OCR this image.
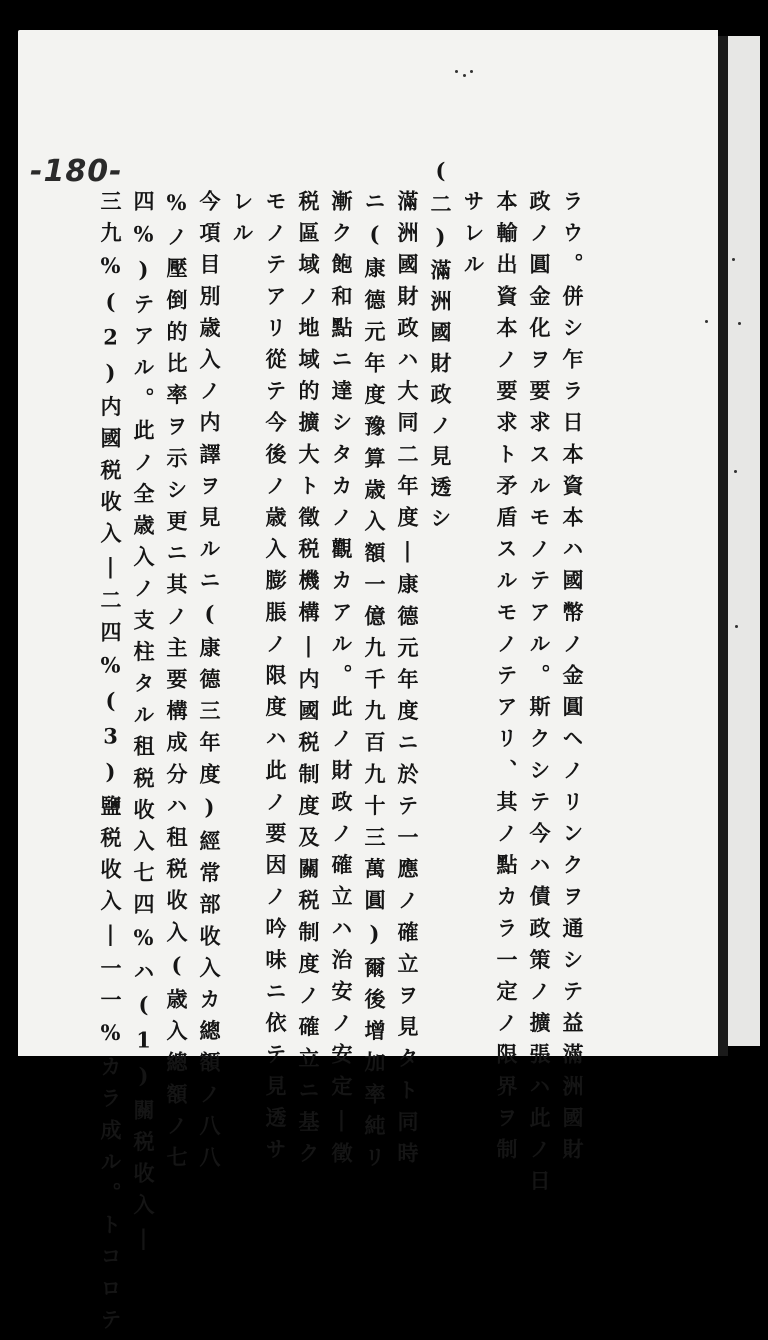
-180-
ラウ。併シ乍ラ日本資本ハ國幣ノ金圓ヘノリンクヲ通シテ益滿洲國財
政ノ圓金化ヲ要求スルモノテアル。斯クシテ今ハ債政策ノ擴張ハ此ノ日
本輸出資本ノ要求ト矛盾スルモノテアリ、其ノ點カラ一定ノ限界ヲ制
サレル
(二)滿洲國財政ノ見透シ
滿洲國財政ハ大同二年度|康德元年度ニ於テ一應ノ確立ヲ見タト同時
ニ(康德元年度豫算歳入額一億九千九百九十三萬圓)爾後增加率純リ
漸ク飽和點ニ達シタカノ觀カアル。此ノ財政ノ確立ハ治安ノ安定|徵
税區域ノ地域的擴大ト徵税機構|内國税制度及關税制度ノ確立ニ基ク
モノテアリ從テ今後ノ歳入膨脹ノ限度ハ此ノ要因ノ吟味ニ依テ見透サ
レル
今項目別歳入ノ内譯ヲ見ルニ(康德三年度)經常部收入カ總額ノ八八
%ノ壓倒的比率ヲ示シ更ニ其ノ主要構成分ハ租税收入(歳入總額ノ七
四%)テアル。此ノ全歳入ノ支柱タル租税收入七四%ハ(1)關税收入|
三九%(2)内國税收入|二四%(3)鹽税收入|一一%カラ成ル。トコロテ
